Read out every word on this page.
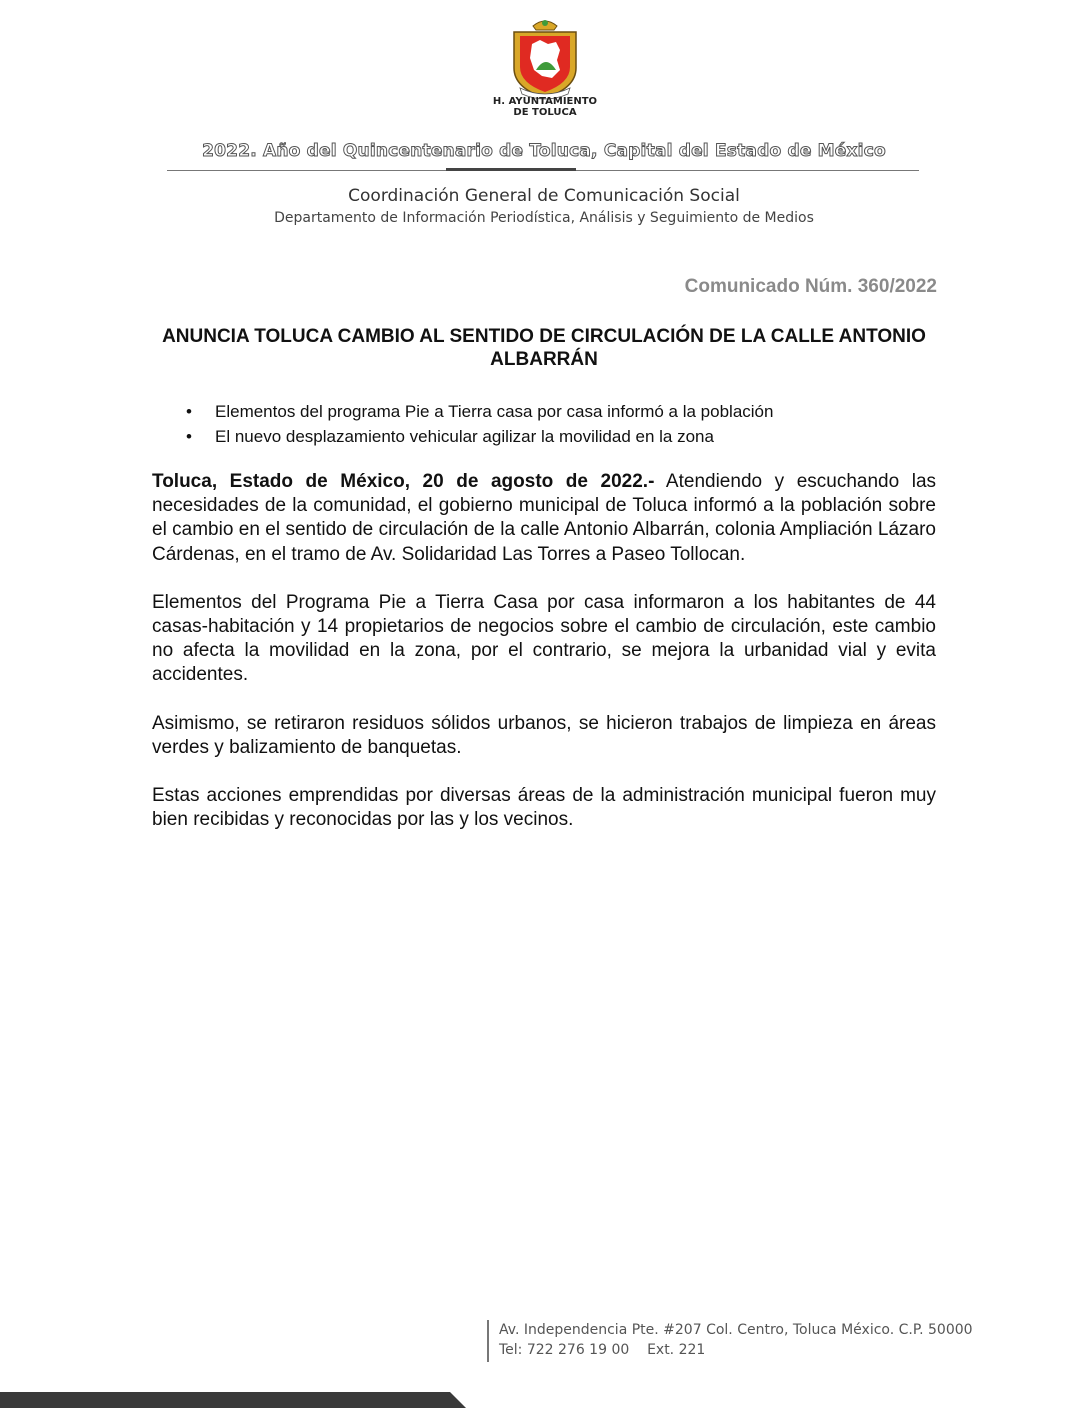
H. AYUNTAMIENTO
DE TOLUCA
2022. Año del Quincentenario de Toluca, Capital del Estado de México
Coordinación General de Comunicación Social
Departamento de Información Periodística, Análisis y Seguimiento de Medios
Comunicado Núm. 360/2022
ANUNCIA TOLUCA CAMBIO AL SENTIDO DE CIRCULACIÓN DE LA CALLE ANTONIO ALBARRÁN
• Elementos del programa Pie a Tierra casa por casa informó a la población
• El nuevo desplazamiento vehicular agilizar la movilidad en la zona

Toluca, Estado de México, 20 de agosto de 2022.- Atendiendo y escuchando las necesidades de la comunidad, el gobierno municipal de Toluca informó a la población sobre el cambio en el sentido de circulación de la calle Antonio Albarrán, colonia Ampliación Lázaro Cárdenas, en el tramo de Av. Solidaridad Las Torres a Paseo Tollocan.

Elementos del Programa Pie a Tierra Casa por casa informaron a los habitantes de 44 casas-habitación y 14 propietarios de negocios sobre el cambio de circulación, este cambio no afecta la movilidad en la zona, por el contrario, se mejora la urbanidad vial y evita accidentes.

Asimismo, se retiraron residuos sólidos urbanos, se hicieron trabajos de limpieza en áreas verdes y balizamiento de banquetas.

Estas acciones emprendidas por diversas áreas de la administración municipal fueron muy bien recibidas y reconocidas por las y los vecinos.

Av. Independencia Pte. #207 Col. Centro, Toluca México. C.P. 50000
Tel: 722 276 19 00    Ext. 221
